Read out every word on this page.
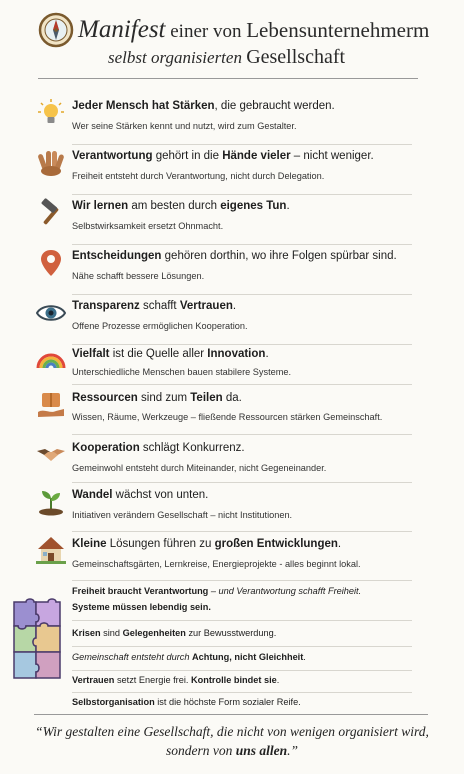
Manifest einer von Lebensunternehmerm
selbst organisierten Gesellschaft
Jeder Mensch hat Stärken, die gebraucht werden.
Wer seine Stärken kennt und nutzt, wird zum Gestalter.
Verantwortung gehört in die Hände vieler – nicht weniger.
Freiheit entsteht durch Verantwortung, nicht durch Delegation.
Wir lernen am besten durch eigenes Tun.
Selbstwirksamkeit ersetzt Ohnmacht.
Entscheidungen gehören dorthin, wo ihre Folgen spürbar sind.
Nähe schafft bessere Lösungen.
Transparenz schafft Vertrauen.
Offene Prozesse ermöglichen Kooperation.
Vielfalt ist die Quelle aller Innovation.
Unterschiedliche Menschen bauen stabilere Systeme.
Ressourcen sind zum Teilen da.
Wissen, Räume, Werkzeuge – fließende Ressourcen stärken Gemeinschaft.
Kooperation schlägt Konkurrenz.
Gemeinwohl entsteht durch Miteinander, nicht Gegeneinander.
Wandel wächst von unten.
Initiativen verändern Gesellschaft – nicht Institutionen.
Kleine Lösungen führen zu großen Entwicklungen.
Gemeinschaftsgärten, Lernkreise, Energieprojekte - alles beginnt lokal.
Freiheit braucht Verantwortung – und Verantwortung schafft Freiheit.
Systeme müssen lebendig sein.
Krisen sind Gelegenheiten zur Bewusstwerdung.
Gemeinschaft entsteht durch Achtung, nicht Gleichheit.
Vertrauen setzt Energie frei. Kontrolle bindet sie.
Selbstorganisation ist die höchste Form sozialer Reife.
“Wir gestalten eine Gesellschaft, die nicht von wenigen organisiert wird,
sondern von uns allen.”
